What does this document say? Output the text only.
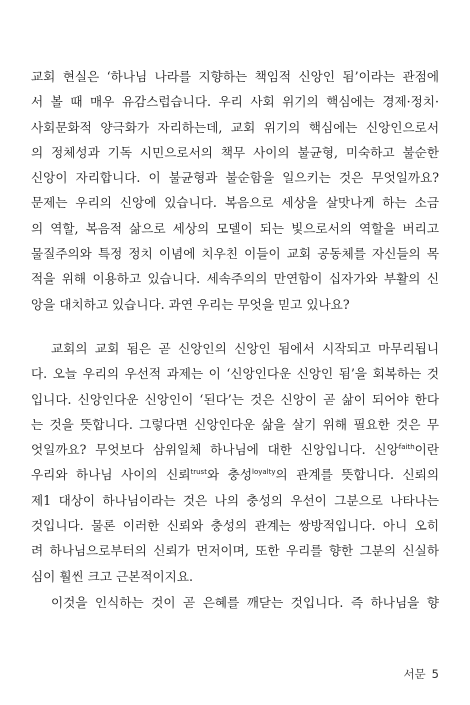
교회 현실은 ‘하나님 나라를 지향하는 책임적 신앙인 됨’이라는 관점에
서 볼 때 매우 유감스럽습니다. 우리 사회 위기의 핵심에는 경제·정치·
사회문화적 양극화가 자리하는데, 교회 위기의 핵심에는 신앙인으로서
의 정체성과 기독 시민으로서의 책무 사이의 불균형, 미숙하고 불순한
신앙이 자리합니다. 이 불균형과 불순함을 일으키는 것은 무엇일까요?
문제는 우리의 신앙에 있습니다. 복음으로 세상을 살맛나게 하는 소금
의 역할, 복음적 삶으로 세상의 모델이 되는 빛으로서의 역할을 버리고
물질주의와 특정 정치 이념에 치우친 이들이 교회 공동체를 자신들의 목
적을 위해 이용하고 있습니다. 세속주의의 만연함이 십자가와 부활의 신
앙을 대치하고 있습니다. 과연 우리는 무엇을 믿고 있나요?
교회의 교회 됨은 곧 신앙인의 신앙인 됨에서 시작되고 마무리됩니
다. 오늘 우리의 우선적 과제는 이 ‘신앙인다운 신앙인 됨’을 회복하는 것
입니다. 신앙인다운 신앙인이 ‘된다’는 것은 신앙이 곧 삶이 되어야 한다
는 것을 뜻합니다. 그렇다면 신앙인다운 삶을 살기 위해 필요한 것은 무
엇일까요? 무엇보다 삼위일체 하나님에 대한 신앙입니다. 신앙$^{faith}$이란
우리와 하나님 사이의 신뢰$^{trust}$와 충성$^{loyalty}$의 관계를 뜻합니다. 신뢰의
제1 대상이 하나님이라는 것은 나의 충성의 우선이 그분으로 나타나는
것입니다. 물론 이러한 신뢰와 충성의 관계는 쌍방적입니다. 아니 오히
려 하나님으로부터의 신뢰가 먼저이며, 또한 우리를 향한 그분의 신실하
심이 훨씬 크고 근본적이지요.
이것을 인식하는 것이 곧 은혜를 깨닫는 것입니다. 즉 하나님을 향
서문 5
